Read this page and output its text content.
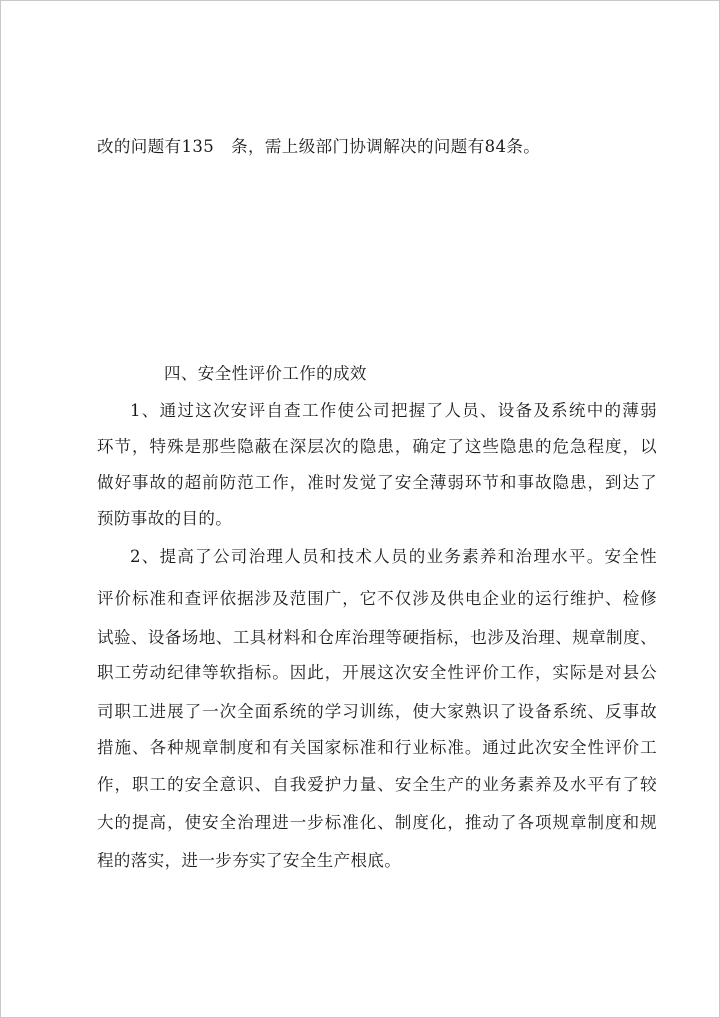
改的问题有135　条，需上级部门协调解决的问题有84条。
四、安全性评价工作的成效
1、通过这次安评自查工作使公司把握了人员、设备及系统中的薄弱
环节，特殊是那些隐蔽在深层次的隐患，确定了这些隐患的危急程度，以
做好事故的超前防范工作，准时发觉了安全薄弱环节和事故隐患，到达了
预防事故的目的。
2、提高了公司治理人员和技术人员的业务素养和治理水平。安全性
评价标准和查评依据涉及范围广，它不仅涉及供电企业的运行维护、检修
试验、设备场地、工具材料和仓库治理等硬指标，也涉及治理、规章制度、
职工劳动纪律等软指标。因此，开展这次安全性评价工作，实际是对县公
司职工进展了一次全面系统的学习训练，使大家熟识了设备系统、反事故
措施、各种规章制度和有关国家标准和行业标准。通过此次安全性评价工
作，职工的安全意识、自我爱护力量、安全生产的业务素养及水平有了较
大的提高，使安全治理进一步标准化、制度化，推动了各项规章制度和规
程的落实，进一步夯实了安全生产根底。
